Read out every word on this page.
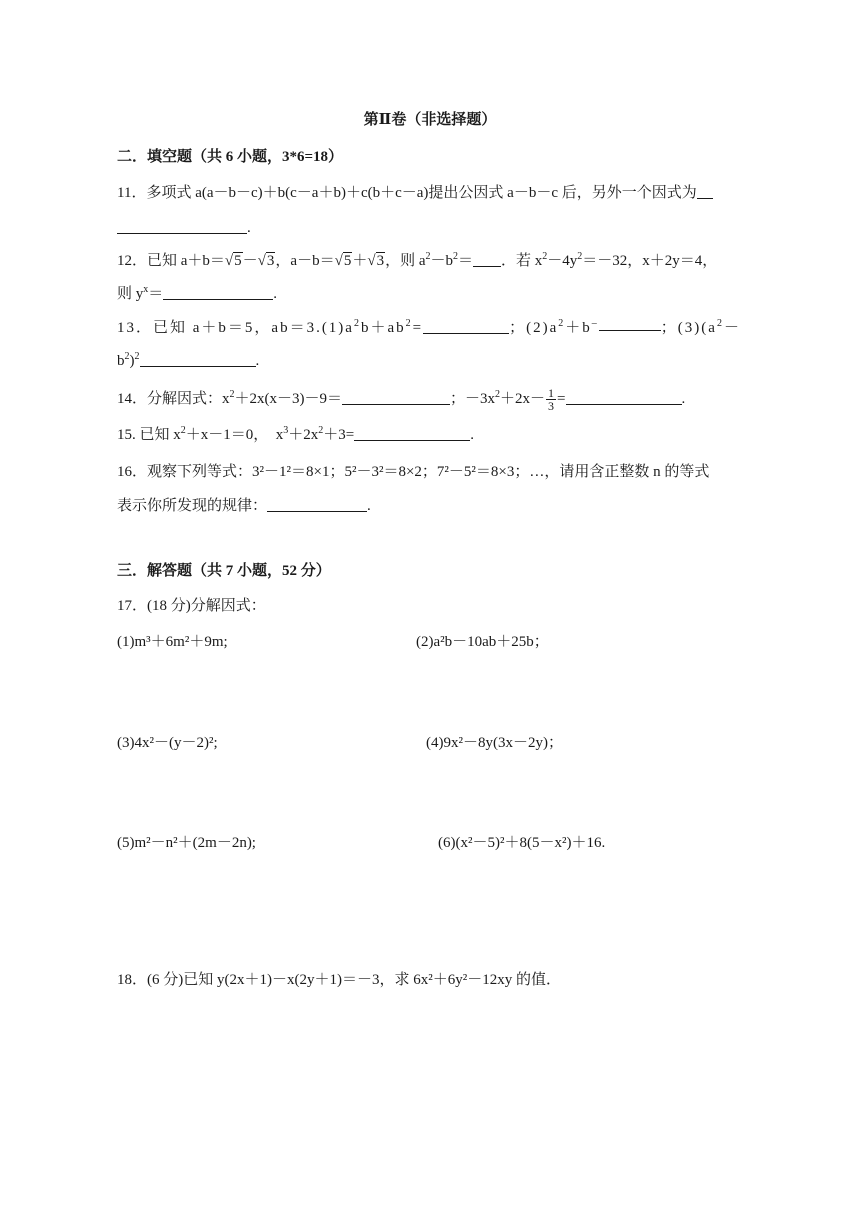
第Ⅱ卷（非选择题）
二．填空题（共 6 小题，3*6=18）
11．多项式 a(a－b－c)＋b(c－a＋b)＋c(b＋c－a)提出公因式 a－b－c 后，另外一个因式为
.
12．已知 a＋b＝√5－√3，a－b＝√5＋√3，则 $a^2-b^2=$ ．若 $x^2-4y^2=-32$，x＋2y＝4，
则 $y^x=$	.
13．已知 a＋b＝5，$ab=3.(1)a^2b+ab^2=$	；$(2)a^2+b^-$	；$(3)(a^2-$
$b^2)^2$	.
14．分解因式：$x^2+2x(x-3)-9=$	；$-3x^2+2x- \frac{1}{3}$ =	.
15. 已知 $x^2+x-1=0$，　$x^3+2x^2+3=$	.
16．观察下列等式：3²－1²＝8×1；5²－3²＝8×2；7²－5²＝8×3；…，请用含正整数 n 的等式
表示你所发现的规律：	.
三．解答题（共 7 小题，52 分）
17．(18 分)分解因式：
(1)m³＋6m²＋9m;	(2)a²b－10ab＋25b；
(3)4x²－(y－2)²;	(4)9x²－8y(3x－2y)；
(5)m²－n²＋(2m－2n);	(6)(x²－5)²＋8(5－x²)＋16.
18．(6 分)已知 y(2x＋1)－x(2y＋1)＝－3，求 6x²＋6y²－12xy 的值．
